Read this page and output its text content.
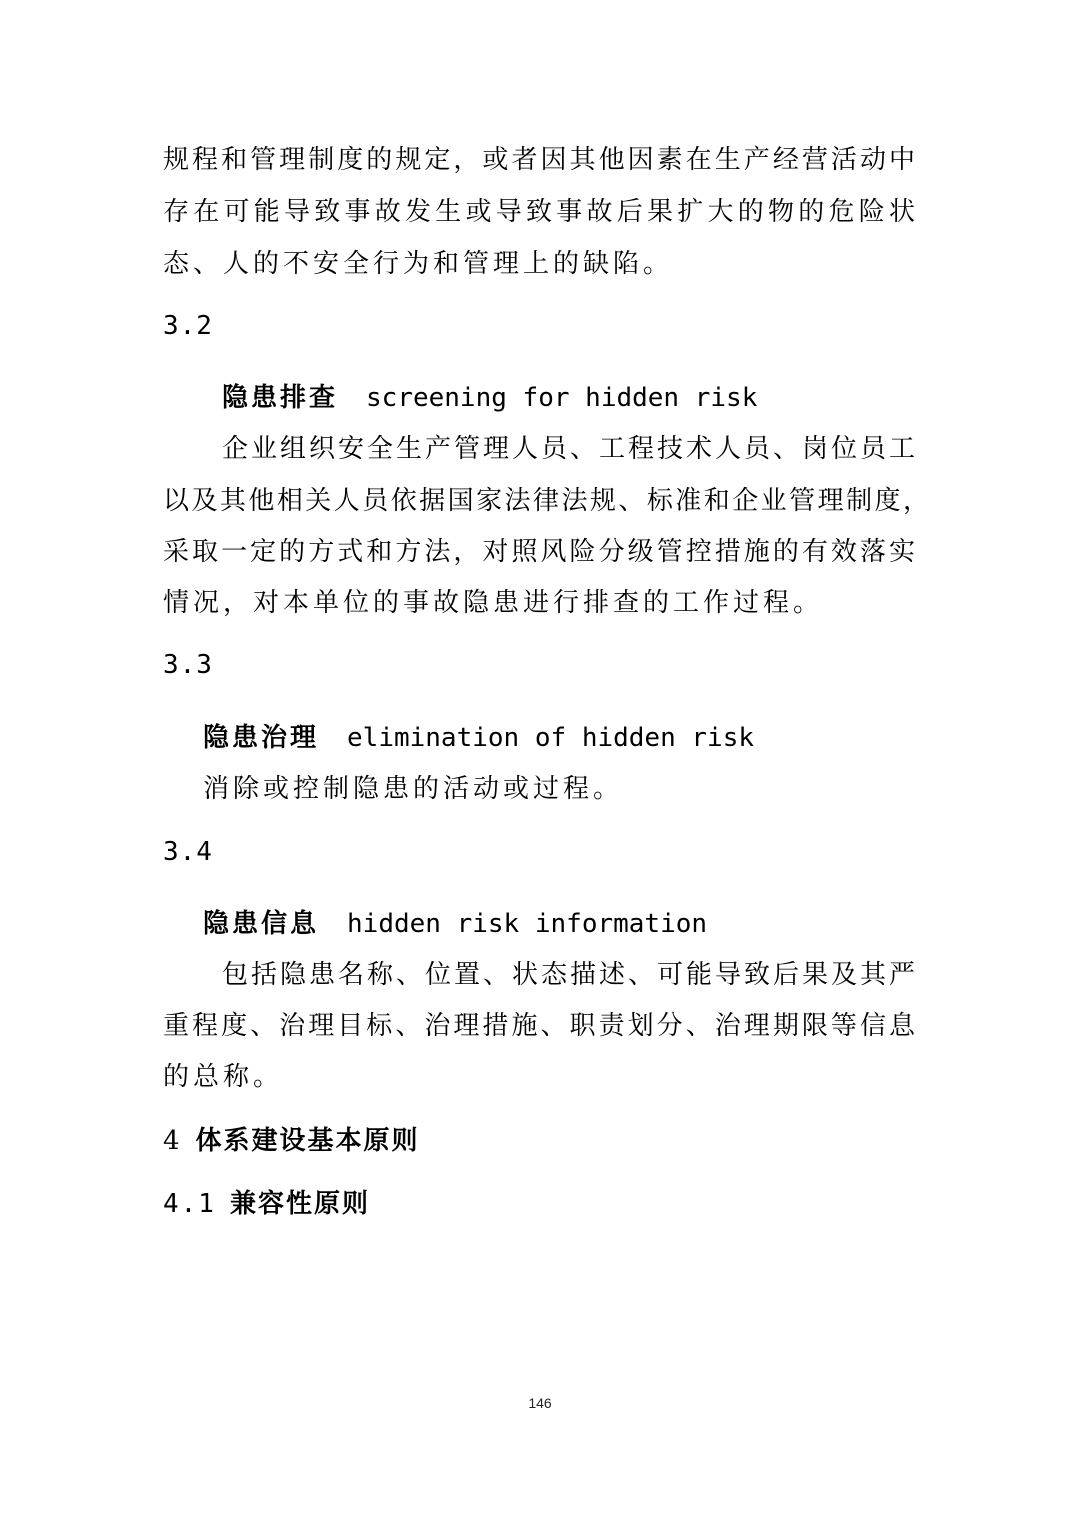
规程和管理制度的规定，或者因其他因素在生产经营活动中
存在可能导致事故发生或导致事故后果扩大的物的危险状
态、人的不安全行为和管理上的缺陷。
3.2
隐患排查 screening for hidden risk
企业组织安全生产管理人员、工程技术人员、岗位员工
以及其他相关人员依据国家法律法规、标准和企业管理制度，
采取一定的方式和方法，对照风险分级管控措施的有效落实
情况，对本单位的事故隐患进行排查的工作过程。
3.3
隐患治理 elimination of hidden risk
消除或控制隐患的活动或过程。
3.4
隐患信息 hidden risk information
包括隐患名称、位置、状态描述、可能导致后果及其严
重程度、治理目标、治理措施、职责划分、治理期限等信息
的总称。
4 体系建设基本原则
4.1 兼容性原则
146
